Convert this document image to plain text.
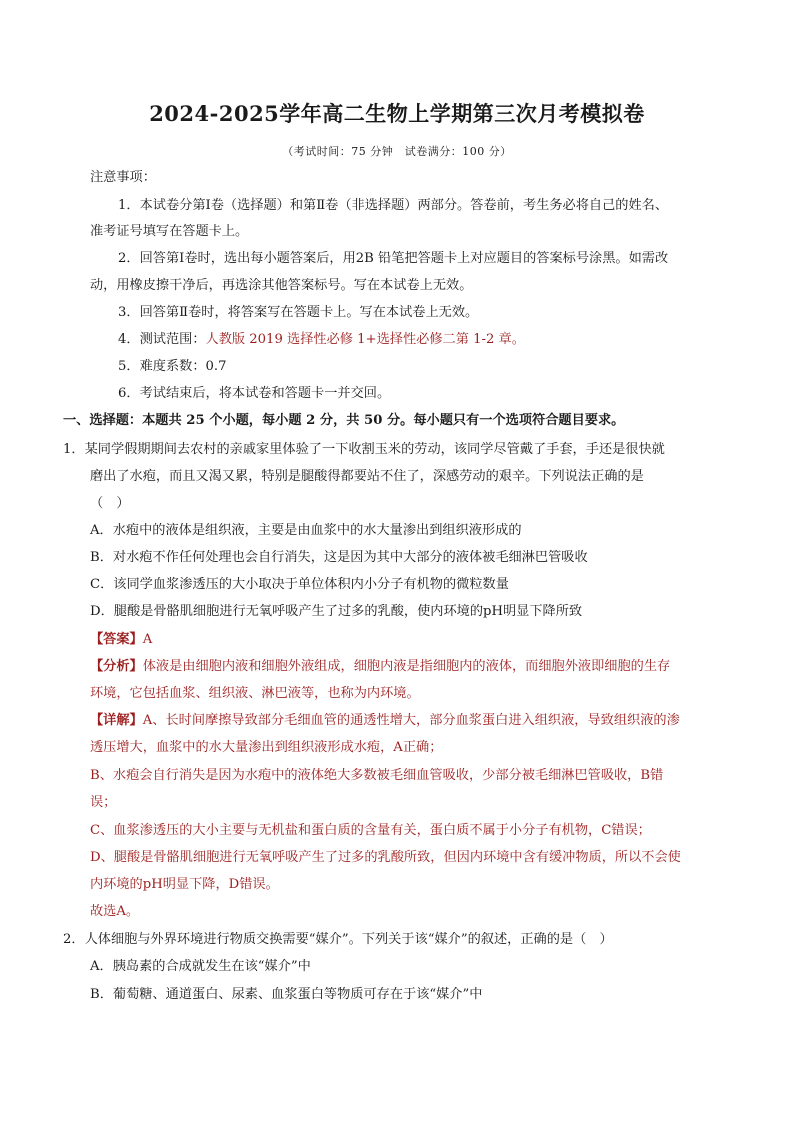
2024-2025学年高二生物上学期第三次月考模拟卷
（考试时间：75 分钟　试卷满分：100 分）
注意事项：
1．本试卷分第Ⅰ卷（选择题）和第Ⅱ卷（非选择题）两部分。答卷前，考生务必将自己的姓名、
准考证号填写在答题卡上。
2．回答第Ⅰ卷时，选出每小题答案后，用2B 铅笔把答题卡上对应题目的答案标号涂黑。如需改
动，用橡皮擦干净后，再选涂其他答案标号。写在本试卷上无效。
3．回答第Ⅱ卷时，将答案写在答题卡上。写在本试卷上无效。
4．测试范围：人教版 2019 选择性必修 1+选择性必修二第 1-2 章。
5．难度系数：0.7
6．考试结束后，将本试卷和答题卡一并交回。
一、选择题：本题共 25 个小题，每小题 2 分，共 50 分。每小题只有一个选项符合题目要求。
1．某同学假期期间去农村的亲戚家里体验了一下收割玉米的劳动，该同学尽管戴了手套，手还是很快就
磨出了水疱，而且又渴又累，特别是腿酸得都要站不住了，深感劳动的艰辛。下列说法正确的是
（　）
A．水疱中的液体是组织液，主要是由血浆中的水大量渗出到组织液形成的
B．对水疱不作任何处理也会自行消失，这是因为其中大部分的液体被毛细淋巴管吸收
C．该同学血浆渗透压的大小取决于单位体积内小分子有机物的微粒数量
D．腿酸是骨骼肌细胞进行无氧呼吸产生了过多的乳酸，使内环境的pH明显下降所致
【答案】A
【分析】体液是由细胞内液和细胞外液组成，细胞内液是指细胞内的液体，而细胞外液即细胞的生存
环境，它包括血浆、组织液、淋巴液等，也称为内环境。
【详解】A、长时间摩擦导致部分毛细血管的通透性增大，部分血浆蛋白进入组织液，导致组织液的渗
透压增大，血浆中的水大量渗出到组织液形成水疱，A正确；
B、水疱会自行消失是因为水疱中的液体绝大多数被毛细血管吸收，少部分被毛细淋巴管吸收，B错
误；
C、血浆渗透压的大小主要与无机盐和蛋白质的含量有关，蛋白质不属于小分子有机物，C错误；
D、腿酸是骨骼肌细胞进行无氧呼吸产生了过多的乳酸所致，但因内环境中含有缓冲物质，所以不会使
内环境的pH明显下降，D错误。
故选A。
2．人体细胞与外界环境进行物质交换需要“媒介”。下列关于该“媒介”的叙述，正确的是（　）
A．胰岛素的合成就发生在该“媒介”中
B．葡萄糖、通道蛋白、尿素、血浆蛋白等物质可存在于该“媒介”中
